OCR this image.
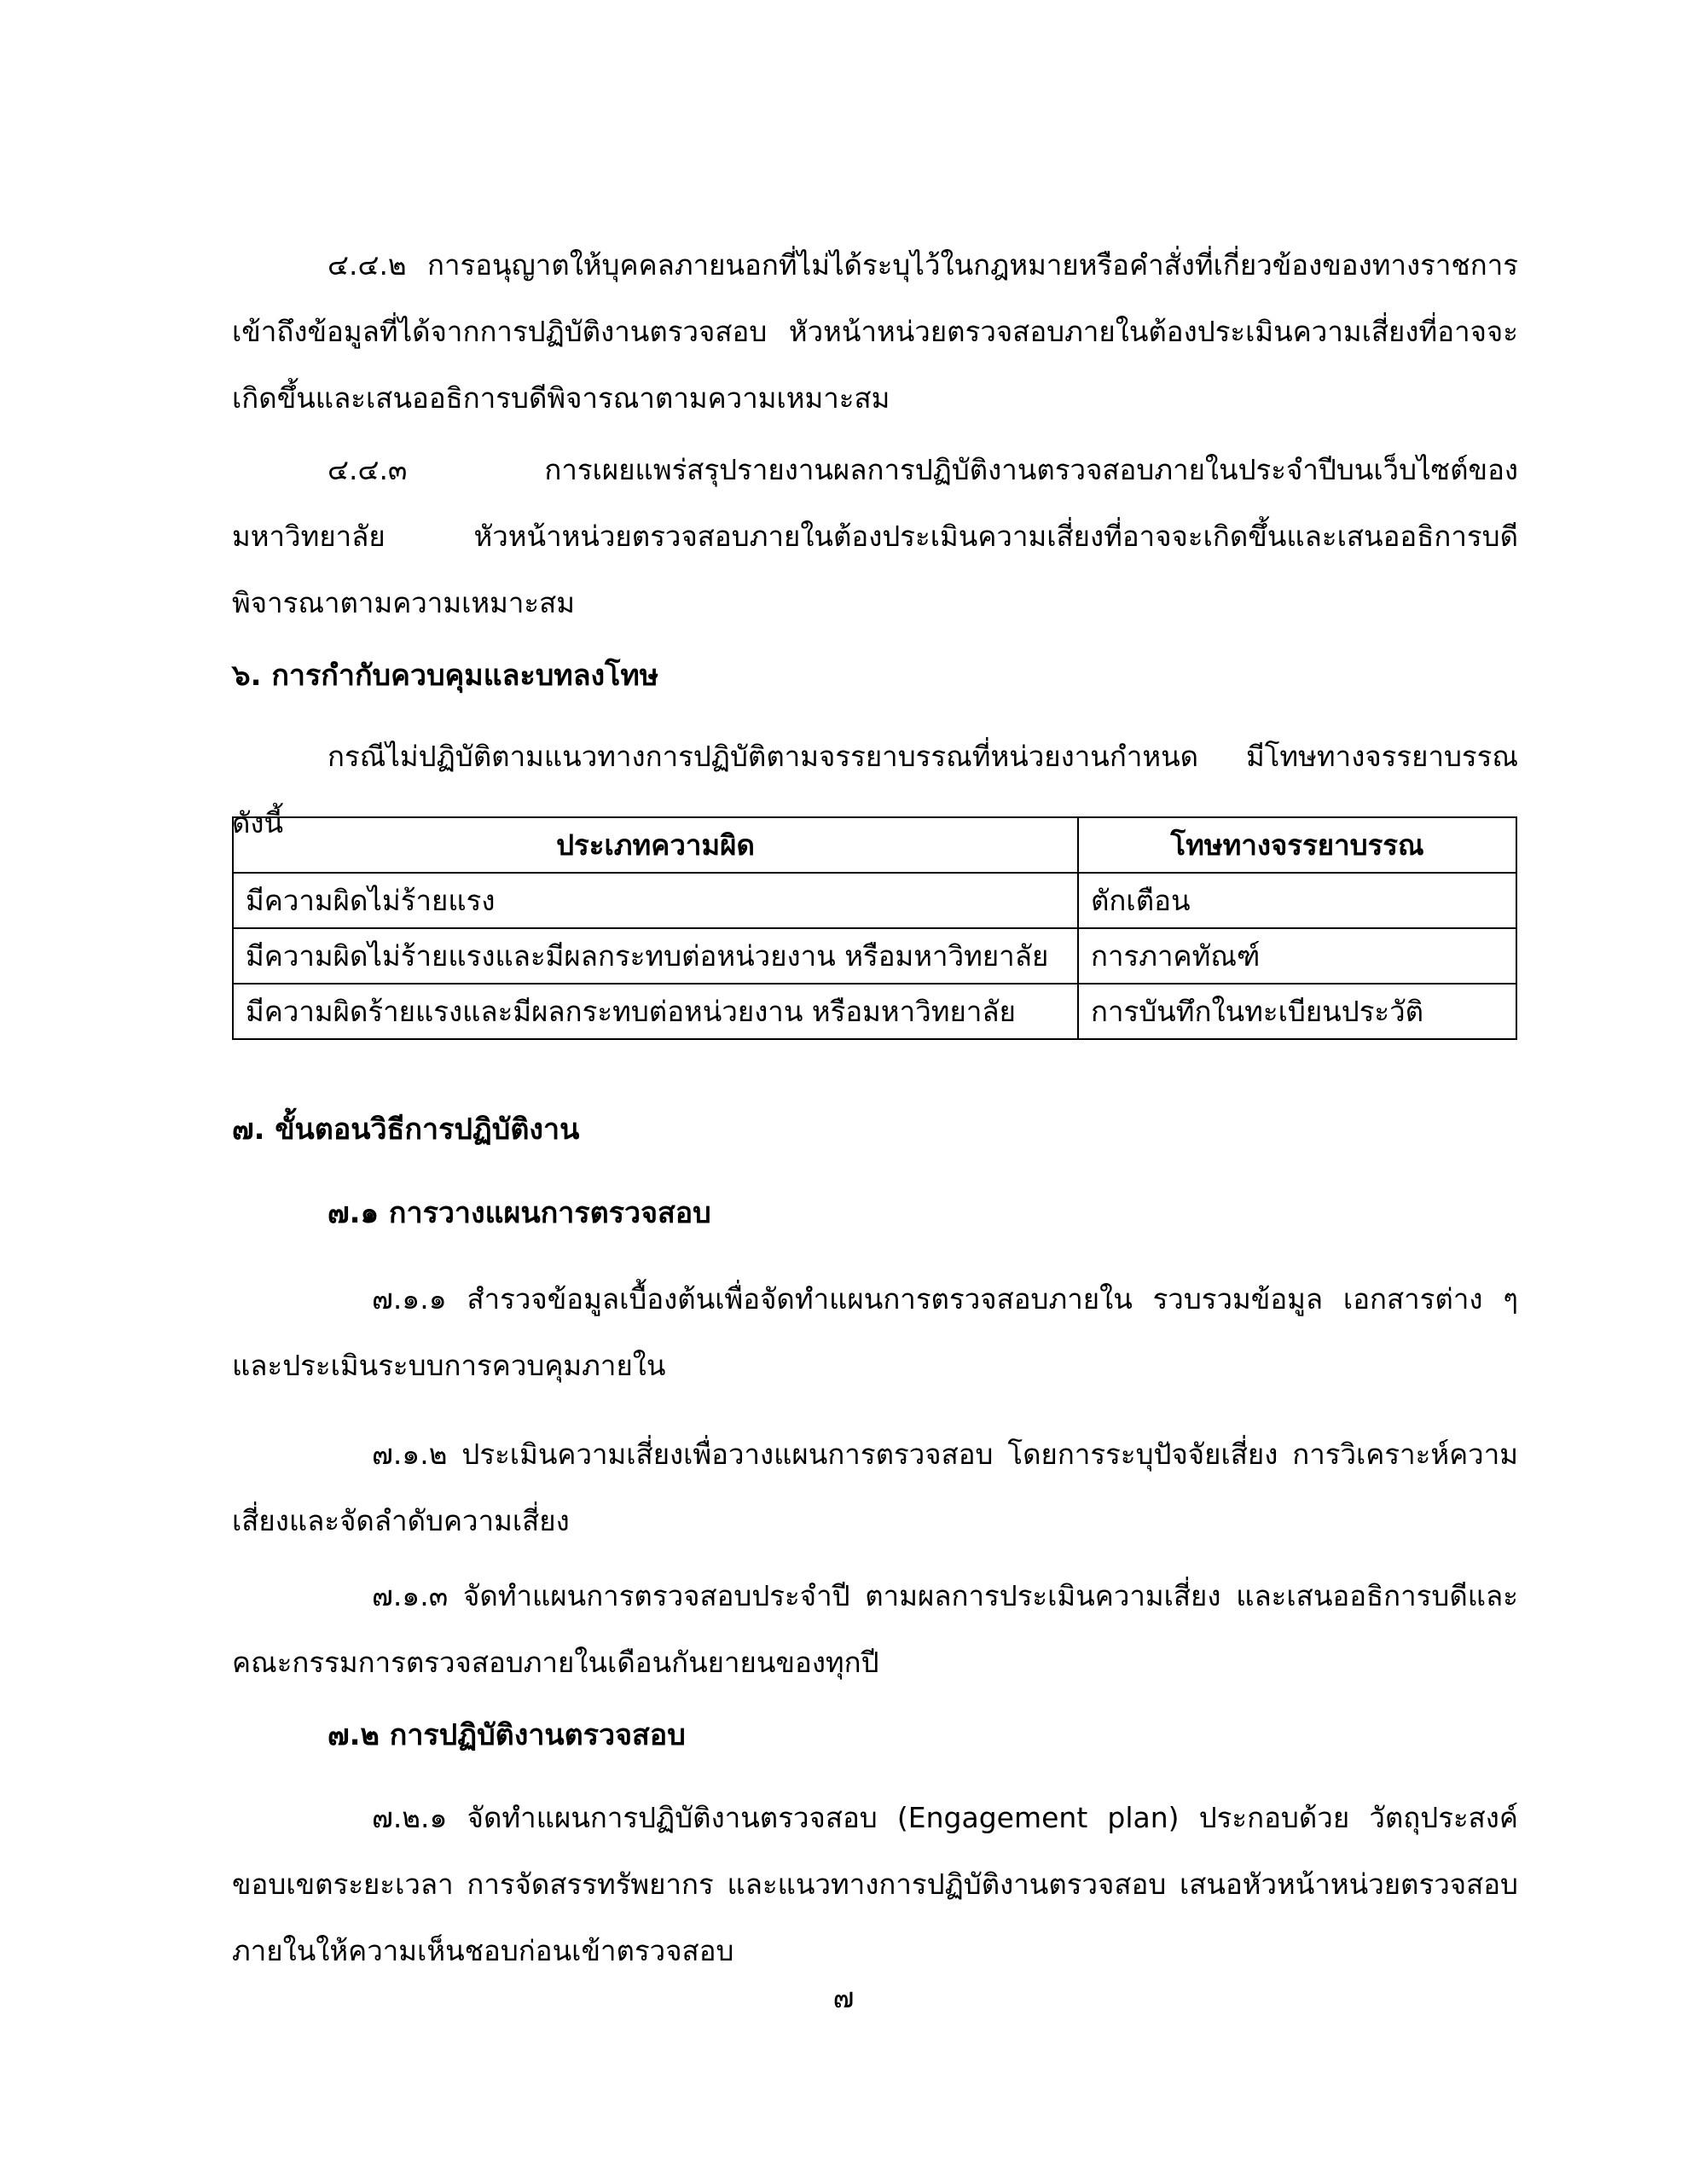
๔.๔.๒ การอนุญาตให้บุคคลภายนอกที่ไม่ได้ระบุไว้ในกฎหมายหรือคำสั่งที่เกี่ยวข้องของทางราชการเข้าถึงข้อมูลที่ได้จากการปฏิบัติงานตรวจสอบ หัวหน้าหน่วยตรวจสอบภายในต้องประเมินความเสี่ยงที่อาจจะเกิดขึ้นและเสนออธิการบดีพิจารณาตามความเหมาะสม

๔.๔.๓ การเผยแพร่สรุปรายงานผลการปฏิบัติงานตรวจสอบภายในประจำปีบนเว็บไซต์ของมหาวิทยาลัย หัวหน้าหน่วยตรวจสอบภายในต้องประเมินความเสี่ยงที่อาจจะเกิดขึ้นและเสนออธิการบดีพิจารณาตามความเหมาะสม

๖. การกำกับควบคุมและบทลงโทษ

กรณีไม่ปฏิบัติตามแนวทางการปฏิบัติตามจรรยาบรรณที่หน่วยงานกำหนด มีโทษทางจรรยาบรรณ ดังนี้

ประเภทความผิด	โทษทางจรรยาบรรณ
มีความผิดไม่ร้ายแรง	ตักเตือน
มีความผิดไม่ร้ายแรงและมีผลกระทบต่อหน่วยงาน หรือมหาวิทยาลัย	การภาคทัณฑ์
มีความผิดร้ายแรงและมีผลกระทบต่อหน่วยงาน หรือมหาวิทยาลัย	การบันทึกในทะเบียนประวัติ
๗. ขั้นตอนวิธีการปฏิบัติงาน
๗.๑ การวางแผนการตรวจสอบ

๗.๑.๑ สำรวจข้อมูลเบื้องต้นเพื่อจัดทำแผนการตรวจสอบภายใน รวบรวมข้อมูล เอกสารต่าง ๆ และประเมินระบบการควบคุมภายใน

๗.๑.๒ ประเมินความเสี่ยงเพื่อวางแผนการตรวจสอบ โดยการระบุปัจจัยเสี่ยง การวิเคราะห์ความเสี่ยงและจัดลำดับความเสี่ยง

๗.๑.๓ จัดทำแผนการตรวจสอบประจำปี ตามผลการประเมินความเสี่ยง และเสนออธิการบดีและคณะกรรมการตรวจสอบภายในเดือนกันยายนของทุกปี

๗.๒ การปฏิบัติงานตรวจสอบ

๗.๒.๑ จัดทำแผนการปฏิบัติงานตรวจสอบ (Engagement plan) ประกอบด้วย วัตถุประสงค์ ขอบเขตระยะเวลา การจัดสรรทรัพยากร และแนวทางการปฏิบัติงานตรวจสอบ เสนอหัวหน้าหน่วยตรวจสอบภายในให้ความเห็นชอบก่อนเข้าตรวจสอบ

๗
